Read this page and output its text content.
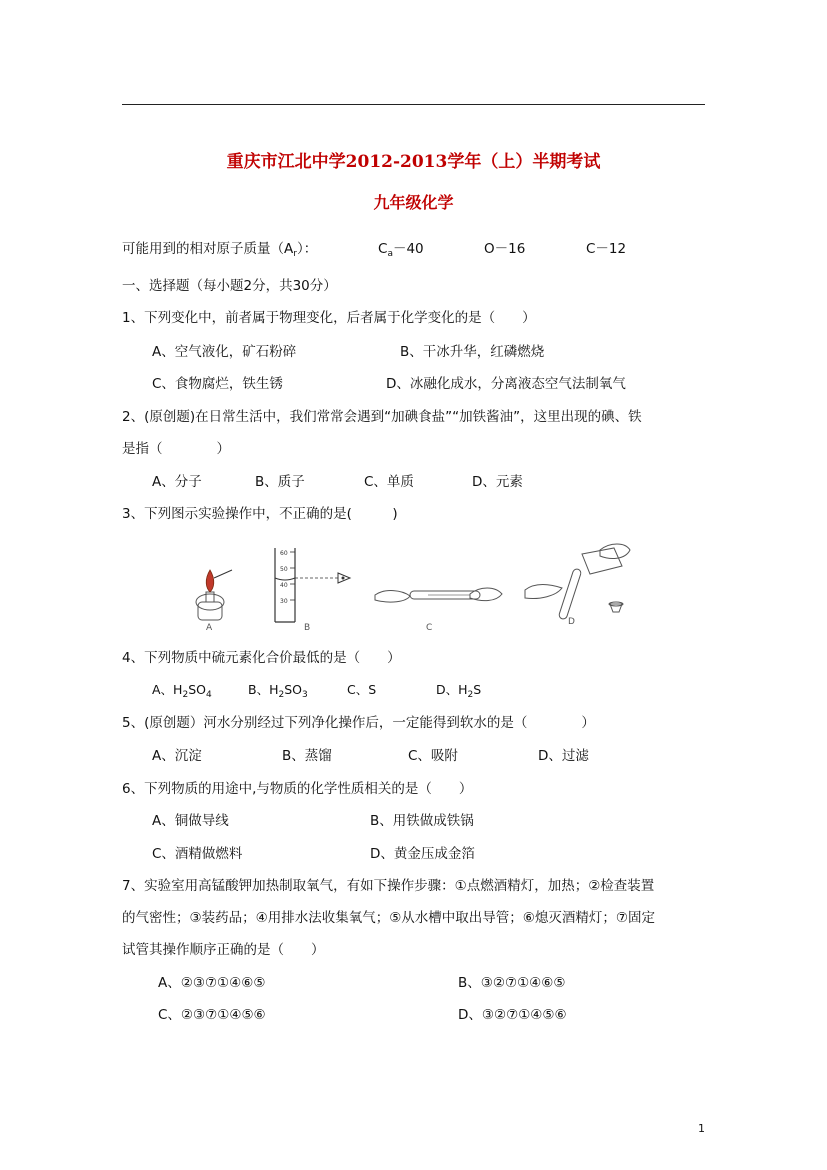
重庆市江北中学2012-2013学年（上）半期考试
九年级化学
可能用到的相对原子质量$(A_r)$：	$C_a-40$	O－16	C－12
一、选择题（每小题2分，共30分）
1、下列变化中，前者属于物理变化，后者属于化学变化的是（　　）
A、空气液化，矿石粉碎	B、干冰升华，红磷燃烧
C、食物腐烂，铁生锈	D、冰融化成水，分离液态空气法制氧气
2、(原创题)在日常生活中，我们常常会遇到“加碘食盐”“加铁酱油”，这里出现的碘、铁
是指（　　　　）
A、分子	B、质子	C、单质	D、元素
3、下列图示实验操作中，不正确的是(　　　)
A
60
50
40
30
B	C
D
4、下列物质中硫元素化合价最低的是（　　）
A、$H_2SO_4$	B、$H_2SO_3$	C、S	D、$H_2S$
5、(原创题）河水分别经过下列净化操作后，一定能得到软水的是（　　　　）
A、沉淀	B、蒸馏	C、吸附	D、过滤
6、下列物质的用途中,与物质的化学性质相关的是（　　）
A、铜做导线	B、用铁做成铁锅
C、酒精做燃料	D、黄金压成金箔
7、实验室用高锰酸钾加热制取氧气，有如下操作步骤：①点燃酒精灯，加热；②检查装置
的气密性；③装药品；④用排水法收集氧气；⑤从水槽中取出导管；⑥熄灭酒精灯；⑦固定
试管其操作顺序正确的是（　　）
A、②③⑦①④⑥⑤	B、③②⑦①④⑥⑤
C、②③⑦①④⑤⑥	D、③②⑦①④⑤⑥
1
